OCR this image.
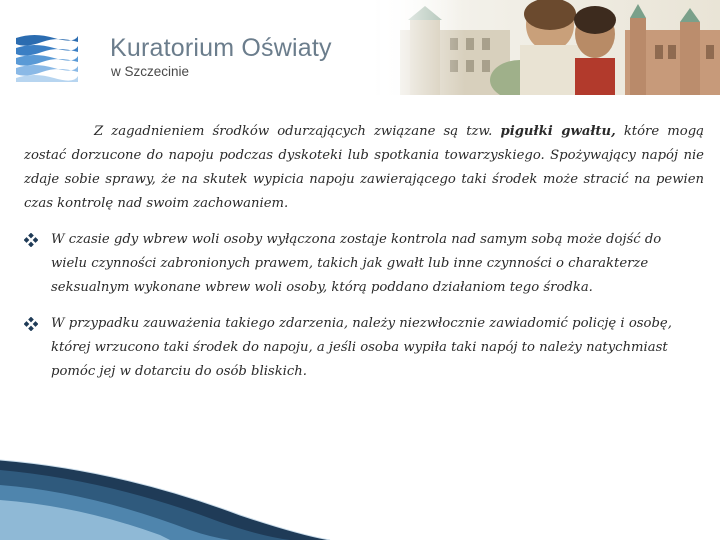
Kuratorium Oświaty
w Szczecinie

Z zagadnieniem środków odurzających związane są tzw. pigułki gwałtu, które mogą zostać dorzucone do napoju podczas dyskoteki lub spotkania towarzyskiego. Spożywający napój nie zdaje sobie sprawy, że na skutek wypicia napoju zawierającego taki środek może stracić na pewien czas kontrolę nad swoim zachowaniem.

W czasie gdy wbrew woli osoby wyłączona zostaje kontrola nad samym sobą może dojść do wielu czynności zabronionych prawem, takich jak gwałt lub inne czynności o charakterze seksualnym wykonane wbrew woli osoby, którą poddano działaniom tego środka.

W przypadku zauważenia takiego zdarzenia, należy niezwłocznie zawiadomić policję i osobę, której wrzucono taki środek do napoju, a jeśli osoba wypiła taki napój to należy natychmiast pomóc jej w dotarciu do osób bliskich.
